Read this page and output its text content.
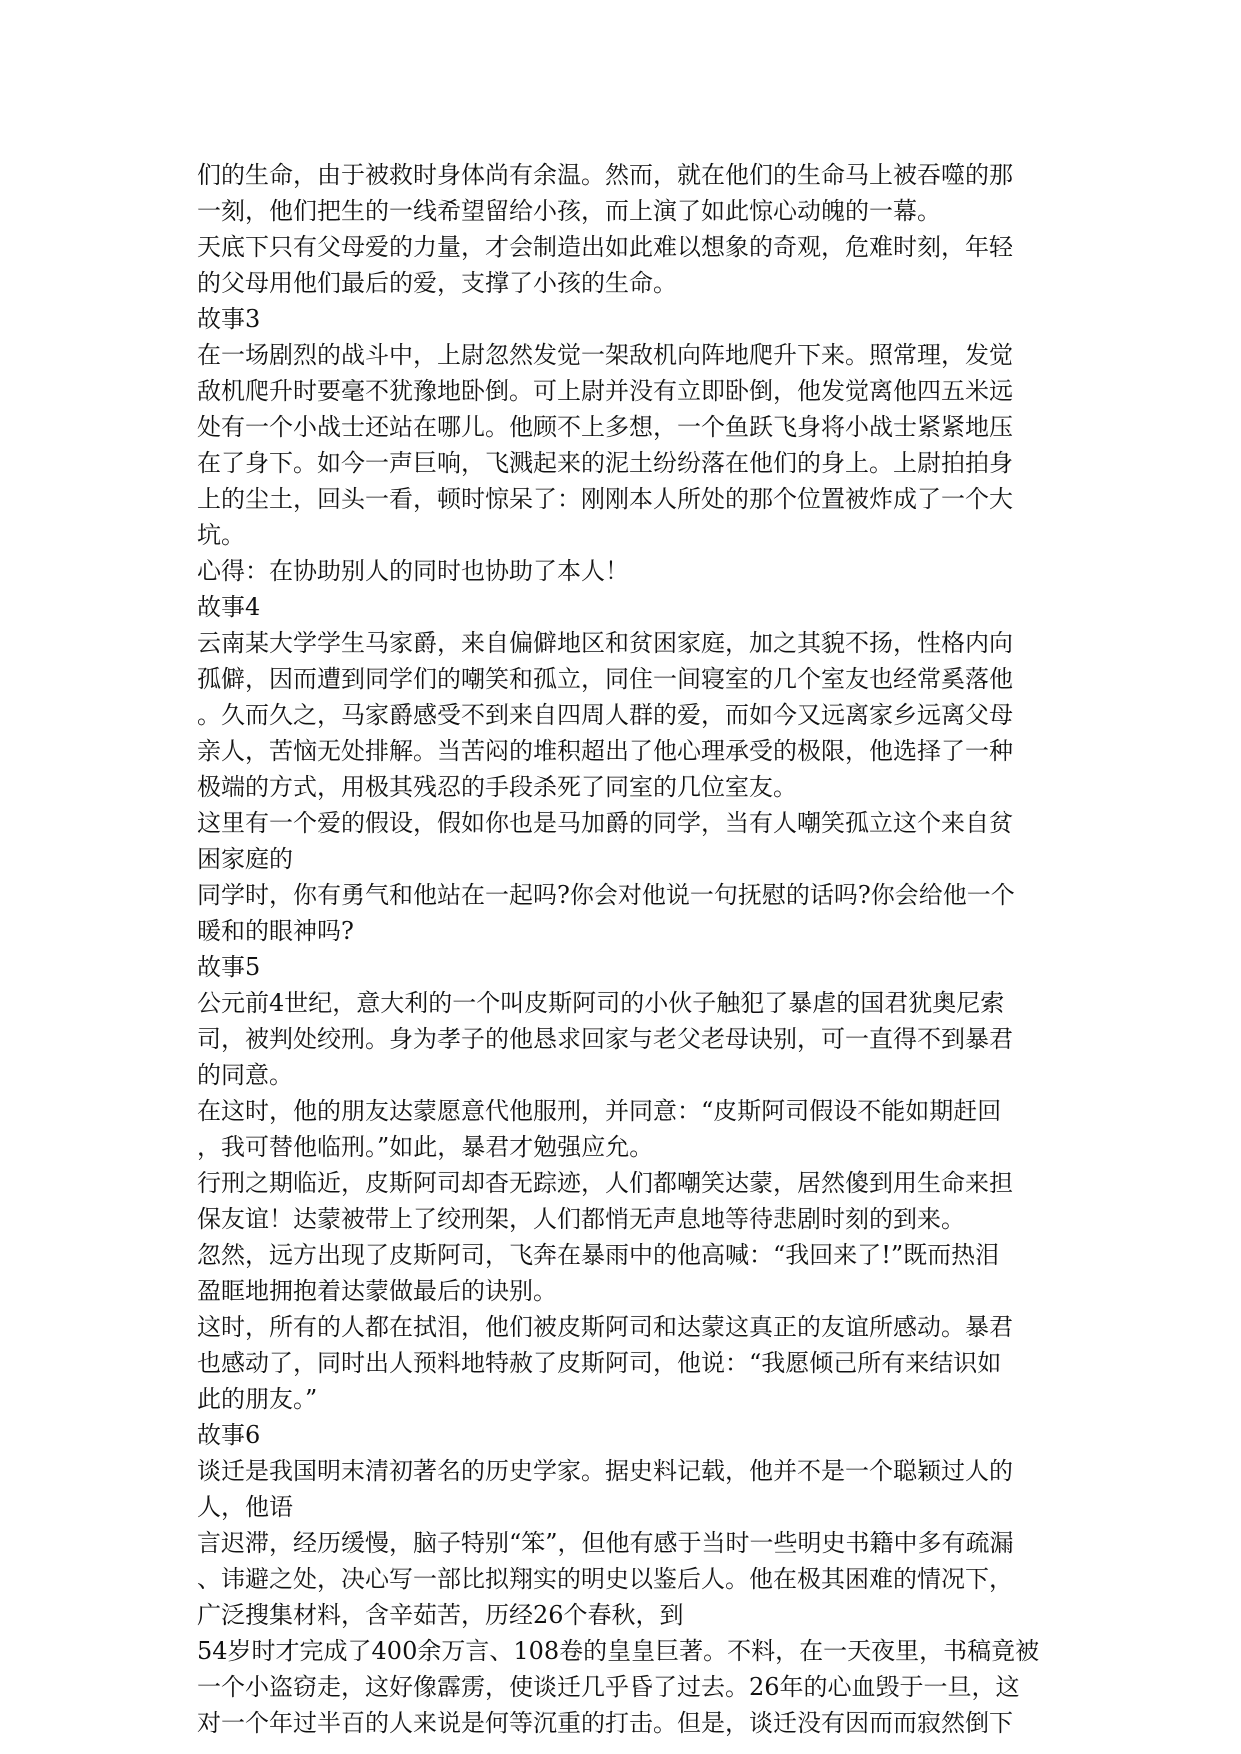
们的生命，由于被救时身体尚有余温。然而，就在他们的生命马上被吞噬的那
一刻，他们把生的一线希望留给小孩，而上演了如此惊心动魄的一幕。
天底下只有父母爱的力量，才会制造出如此难以想象的奇观，危难时刻，年轻
的父母用他们最后的爱，支撑了小孩的生命。
故事3
在一场剧烈的战斗中，上尉忽然发觉一架敌机向阵地爬升下来。照常理，发觉
敌机爬升时要毫不犹豫地卧倒。可上尉并没有立即卧倒，他发觉离他四五米远
处有一个小战士还站在哪儿。他顾不上多想，一个鱼跃飞身将小战士紧紧地压
在了身下。如今一声巨响，飞溅起来的泥土纷纷落在他们的身上。上尉拍拍身
上的尘土，回头一看，顿时惊呆了：刚刚本人所处的那个位置被炸成了一个大
坑。
心得：在协助别人的同时也协助了本人！
故事4
云南某大学学生马家爵，来自偏僻地区和贫困家庭，加之其貌不扬，性格内向
孤僻，因而遭到同学们的嘲笑和孤立，同住一间寝室的几个室友也经常奚落他
。久而久之，马家爵感受不到来自四周人群的爱，而如今又远离家乡远离父母
亲人，苦恼无处排解。当苦闷的堆积超出了他心理承受的极限，他选择了一种
极端的方式，用极其残忍的手段杀死了同室的几位室友。
这里有一个爱的假设，假如你也是马加爵的同学，当有人嘲笑孤立这个来自贫
困家庭的
同学时，你有勇气和他站在一起吗?你会对他说一句抚慰的话吗?你会给他一个
暖和的眼神吗?
故事5
公元前4世纪，意大利的一个叫皮斯阿司的小伙子触犯了暴虐的国君犹奥尼索
司，被判处绞刑。身为孝子的他恳求回家与老父老母诀别，可一直得不到暴君
的同意。
在这时，他的朋友达蒙愿意代他服刑，并同意：“皮斯阿司假设不能如期赶回
，我可替他临刑。”如此，暴君才勉强应允。
行刑之期临近，皮斯阿司却杳无踪迹，人们都嘲笑达蒙，居然傻到用生命来担
保友谊！达蒙被带上了绞刑架，人们都悄无声息地等待悲剧时刻的到来。
忽然，远方出现了皮斯阿司，飞奔在暴雨中的他高喊：“我回来了!”既而热泪
盈眶地拥抱着达蒙做最后的诀别。
这时，所有的人都在拭泪，他们被皮斯阿司和达蒙这真正的友谊所感动。暴君
也感动了，同时出人预料地特赦了皮斯阿司，他说：“我愿倾己所有来结识如
此的朋友。”
故事6
谈迁是我国明末清初著名的历史学家。据史料记载，他并不是一个聪颖过人的
人，他语
言迟滞，经历缓慢，脑子特别“笨”，但他有感于当时一些明史书籍中多有疏漏
、讳避之处，决心写一部比拟翔实的明史以鉴后人。他在极其困难的情况下，
广泛搜集材料，含辛茹苦，历经26个春秋，到
54岁时才完成了400余万言、108卷的皇皇巨著。不料，在一天夜里，书稿竟被
一个小盗窃走，这好像霹雳，使谈迁几乎昏了过去。26年的心血毁于一旦，这
对一个年过半百的人来说是何等沉重的打击。但是，谈迁没有因而而寂然倒下
